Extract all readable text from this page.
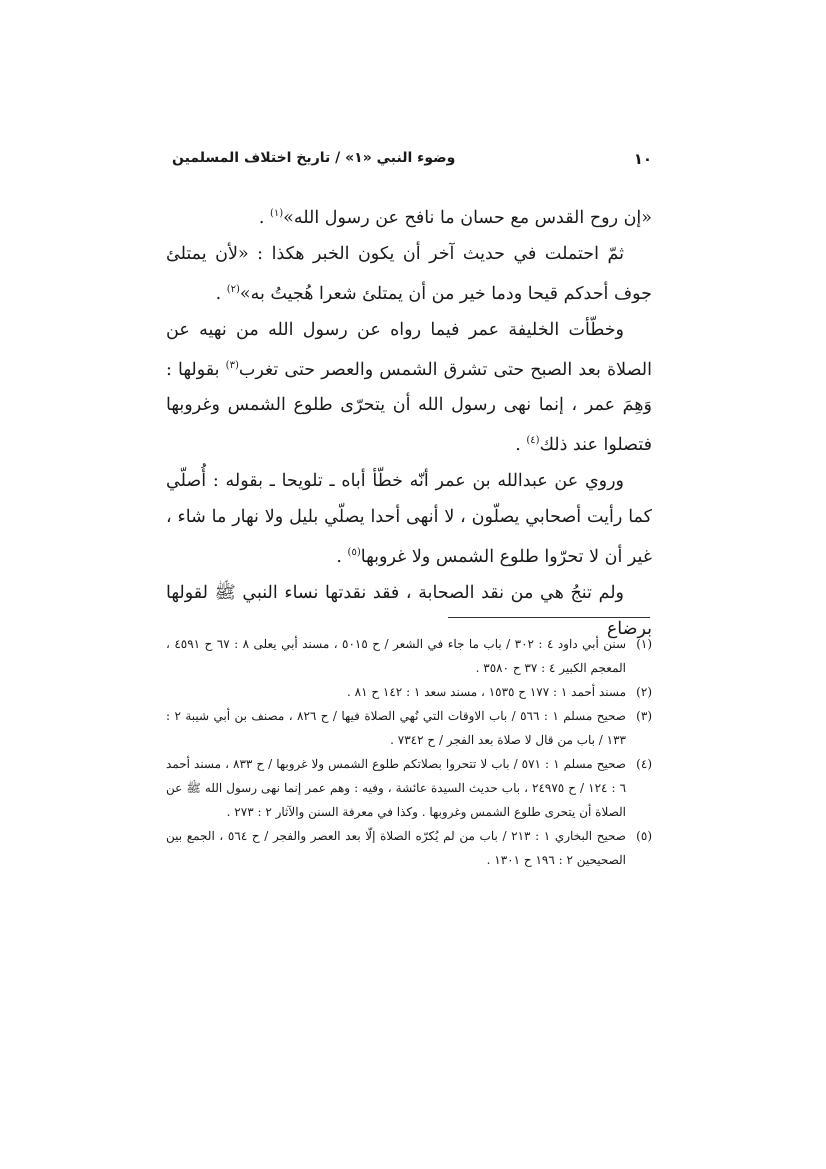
١٠
وضوء النبي «١» / تاريخ اختلاف المسلمين

«إن روح القدس مع حسان ما نافح عن رسول الله»$^{(١)}$ .

ثمّ احتملت في حديث آخر أن يكون الخبر هكذا : «لأن يمتلئ جوف أحدكم قيحا ودما خير من أن يمتلئ شعرا هُجيتُ به»$^{(٢)}$ .

وخطّأت الخليفة عمر فيما رواه عن رسول الله من نهيه عن الصلاة بعد الصبح حتى تشرق الشمس والعصر حتى تغرب$^{(٣)}$ بقولها : وَهِمَ عمر ، إنما نهى رسول الله أن يتحرّى طلوع الشمس وغروبها فتصلوا عند ذلك$^{(٤)}$ .

وروي عن عبدالله بن عمر أنّه خطّأ أباه ـ تلويحا ـ بقوله : أُصلّي كما رأيت أصحابي يصلّون ، لا أنهى أحدا يصلّي بليل ولا نهار ما شاء ، غير أن لا تحرّوا طلوع الشمس ولا غروبها$^{(٥)}$ .

ولم تنجُ هي من نقد الصحابة ، فقد نقدتها نساء النبي ﷺ لقولها برضاع

(١)سنن أبي داود ٤ : ٣٠٢ / باب ما جاء في الشعر / ح ٥٠١٥ ، مسند أبي يعلى ٨ : ٦٧ ح ٤٥٩١ ، المعجم الكبير ٤ : ٣٧ ح ٣٥٨٠ .

(٢)مسند أحمد ١ : ١٧٧ ح ١٥٣٥ ، مسند سعد ١ : ١٤٢ ح ٨١ .

(٣)صحيح مسلم ١ : ٥٦٦ / باب الاوقات التي نُهي الصلاة فيها / ح ٨٢٦ ، مصنف بن أبي شيبة ٢ : ١٣٣ / باب من قال لا صلاة بعد الفجر / ح ٧٣٤٢ .

(٤)صحيح مسلم ١ : ٥٧١ / باب لا تتحروا بصلاتكم طلوع الشمس ولا غروبها / ح ٨٣٣ ، مسند أحمد ٦ : ١٢٤ / ح ٢٤٩٧٥ ، باب حديث السيدة عائشة ، وفيه : وهم عمر إنما نهى رسول الله ﷺ عن الصلاة أن يتحرى طلوع الشمس وغروبها . وكذا في معرفة السنن والآثار ٢ : ٢٧٣ .

(٥)صحيح البخاري ١ : ٢١٣ / باب من لم يُكرّه الصلاة إلّا بعد العصر والفجر / ح ٥٦٤ ، الجمع بين الصحيحين ٢ : ١٩٦ ح ١٣٠١ .
